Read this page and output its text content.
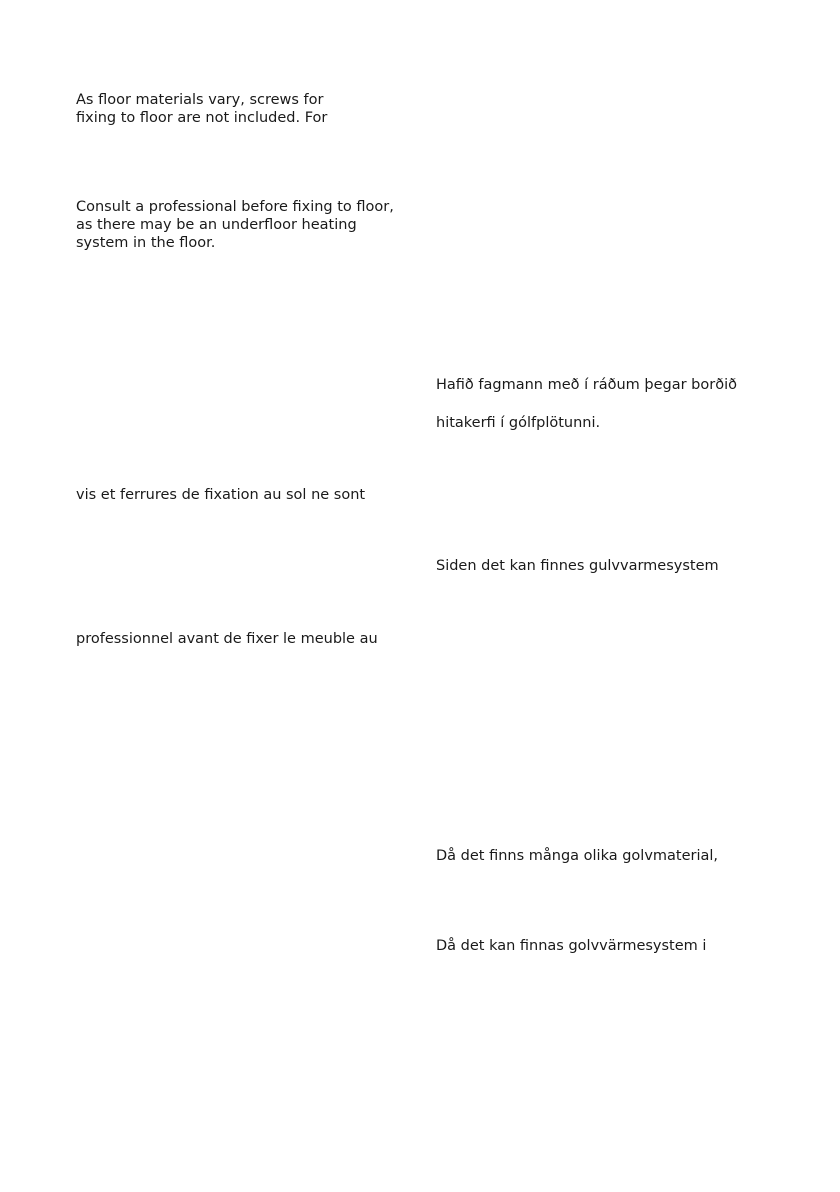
As floor materials vary, screws for
fixing to floor are not included. For

Consult a professional before fixing to floor,
as there may be an underfloor heating
system in the floor.

vis et ferrures de fixation au sol ne sont

professionnel avant de fixer le meuble au

Hafið fagmann með í ráðum þegar borðið

hitakerfi í gólfplötunni.

Siden det kan finnes gulvvarmesystem

Då det finns många olika golvmaterial,

Då det kan finnas golvvärmesystem i
